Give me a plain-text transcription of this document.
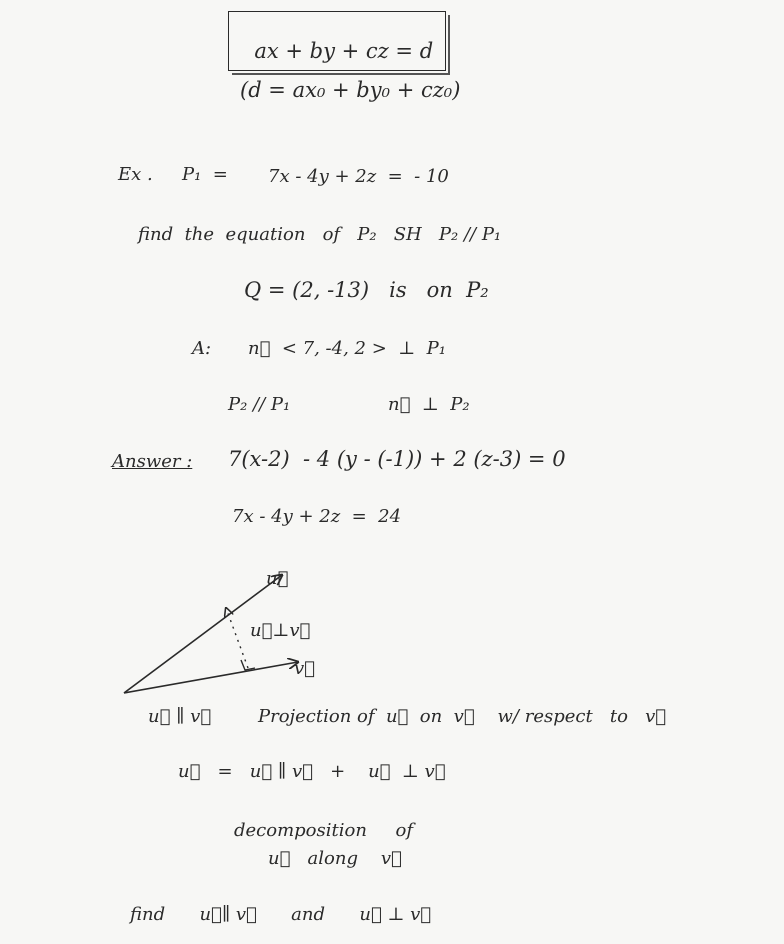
ax + by + cz = d

(d = ax₀ + by₀ + cz₀)
Ex . P₁  = 7x - 4y + 2z  =  - 10
find  the  equation   of   P₂   SH   P₂ // P₁
Q = (2, -13)   is   on  P₂
A: n⃗  < 7, -4, 2 >  ⊥  P₁
P₂ // P₁	n⃗  ⊥  P₂
Answer : 7(x-2)  - 4 (y - (-1)) + 2 (z-3) = 0
7x - 4y + 2z  =  24
u⃗
v⃗
u⃗⊥v⃗
u⃗ ∥ v⃗	Projection of  u⃗  on  v⃗    w/ respect   to   v⃗
u⃗   =   u⃗ ∥ v⃗   +    u⃗  ⊥ v⃗
decomposition     of
u⃗   along    v⃗
find      u⃗∥ v⃗      and      u⃗ ⊥ v⃗
